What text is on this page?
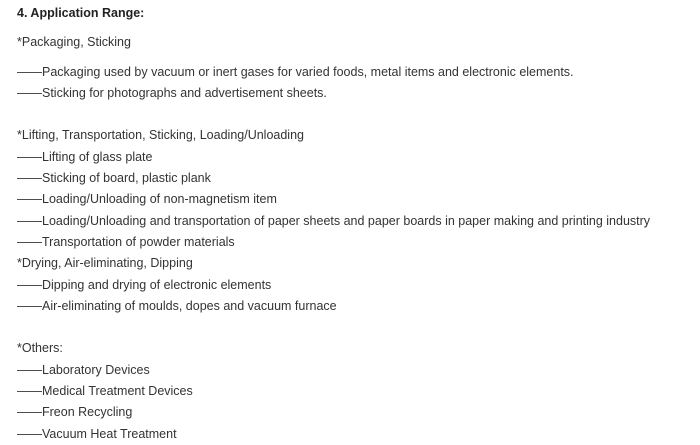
4. Application Range:
*Packaging, Sticking
——Packaging used by vacuum or inert gases for varied foods, metal items and electronic elements.
——Sticking for photographs and advertisement sheets.
*Lifting, Transportation, Sticking, Loading/Unloading
——Lifting of glass plate
——Sticking of board, plastic plank
——Loading/Unloading of non-magnetism item
——Loading/Unloading and transportation of paper sheets and paper boards in paper making and printing industry
——Transportation of powder materials
*Drying, Air-eliminating, Dipping
——Dipping and drying of electronic elements
——Air-eliminating of moulds, dopes and vacuum furnace
*Others:
——Laboratory Devices
——Medical Treatment Devices
——Freon Recycling
——Vacuum Heat Treatment
